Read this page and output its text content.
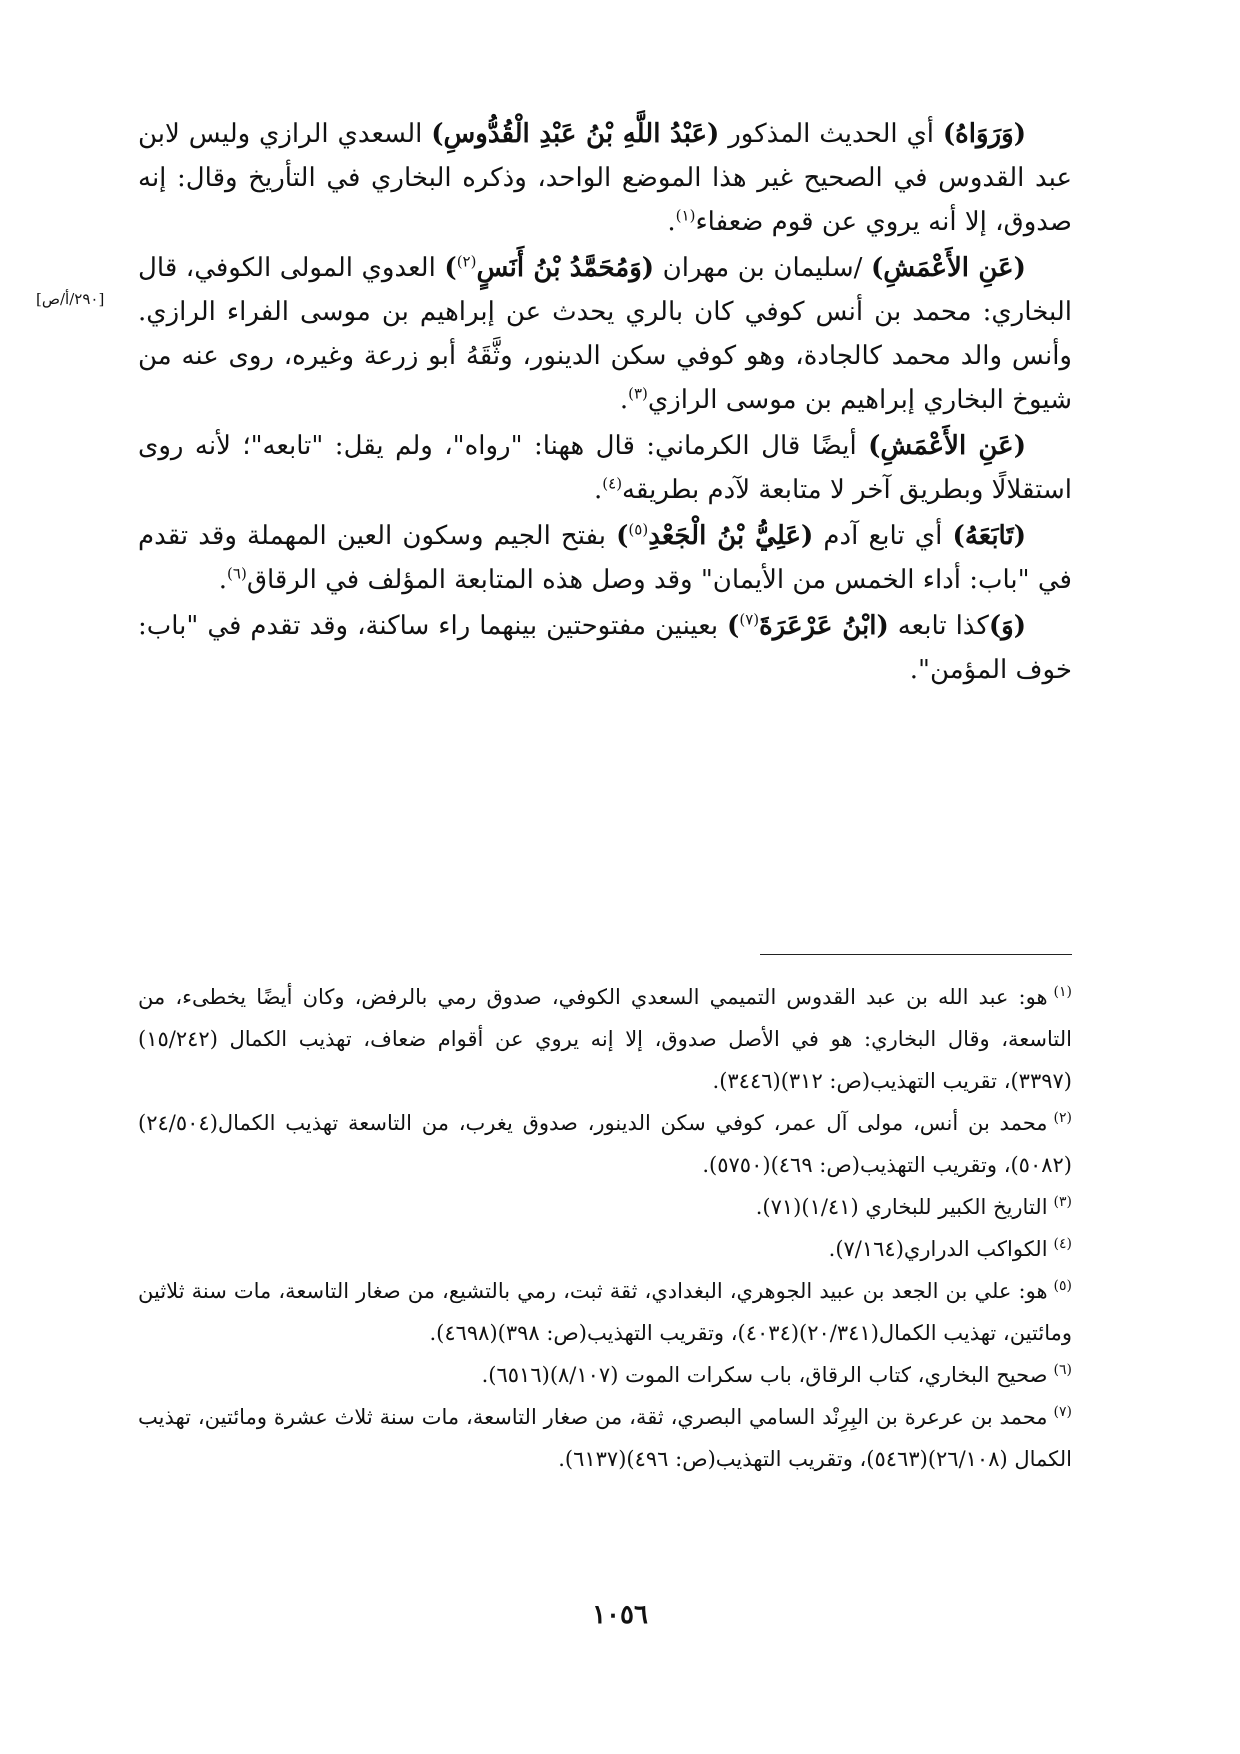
[٢٩٠/أ/ص]

(وَرَوَاهُ) أي الحديث المذكور (عَبْدُ اللَّهِ بْنُ عَبْدِ الْقُدُّوسِ) السعدي الرازي وليس لابن عبد القدوس في الصحيح غير هذا الموضع الواحد، وذكره البخاري في التأريخ وقال: إنه صدوق، إلا أنه يروي عن قوم ضعفاء$^{(١)}$.

(عَنِ الأَعْمَشِ) /سليمان بن مهران (وَمُحَمَّدُ بْنُ أَنَسٍ$^{(٢)}$) العدوي المولى الكوفي، قال البخاري: محمد بن أنس كوفي كان بالري يحدث عن إبراهيم بن موسى الفراء الرازي. وأنس والد محمد كالجادة، وهو كوفي سكن الدينور، وثَّقَهُ أبو زرعة وغيره، روى عنه من شيوخ البخاري إبراهيم بن موسى الرازي$^{(٣)}$.

(عَنِ الأَعْمَشِ) أيضًا قال الكرماني: قال ههنا: "رواه"، ولم يقل: "تابعه"؛ لأنه روى استقلالًا وبطريق آخر لا متابعة لآدم بطريقه$^{(٤)}$.

(تَابَعَهُ) أي تابع آدم (عَلِيُّ بْنُ الْجَعْدِ$^{(٥)}$) بفتح الجيم وسكون العين المهملة وقد تقدم في "باب: أداء الخمس من الأيمان" وقد وصل هذه المتابعة المؤلف في الرقاق$^{(٦)}$.

(وَ)كذا تابعه (ابْنُ عَرْعَرَةَ$^{(٧)}$) بعينين مفتوحتين بينهما راء ساكنة، وقد تقدم في "باب: خوف المؤمن".

$^{(١)}$هو: عبد الله بن عبد القدوس التميمي السعدي الكوفي، صدوق رمي بالرفض، وكان أيضًا يخطىء، من التاسعة، وقال البخاري: هو في الأصل صدوق، إلا إنه يروي عن أقوام ضعاف، تهذيب الكمال (١٥/٢٤٢) (٣٣٩٧)، تقريب التهذيب(ص: ٣١٢)(٣٤٤٦).

$^{(٢)}$محمد بن أنس، مولى آل عمر، كوفي سكن الدينور، صدوق يغرب، من التاسعة تهذيب الكمال(٢٤/٥٠٤)(٥٠٨٢)، وتقريب التهذيب(ص: ٤٦٩)(٥٧٥٠).

$^{(٣)}$التاريخ الكبير للبخاري (١/٤١)(٧١).

$^{(٤)}$الكواكب الدراري(٧/١٦٤).

$^{(٥)}$هو: علي بن الجعد بن عبيد الجوهري، البغدادي، ثقة ثبت، رمي بالتشيع، من صغار التاسعة، مات سنة ثلاثين ومائتين، تهذيب الكمال(٢٠/٣٤١)(٤٠٣٤)، وتقريب التهذيب(ص: ٣٩٨)(٤٦٩٨).

$^{(٦)}$صحيح البخاري، كتاب الرقاق، باب سكرات الموت (٨/١٠٧)(٦٥١٦).

$^{(٧)}$محمد بن عرعرة بن البِرِنْد السامي البصري، ثقة، من صغار التاسعة، مات سنة ثلاث عشرة ومائتين، تهذيب الكمال (٢٦/١٠٨)(٥٤٦٣)، وتقريب التهذيب(ص: ٤٩٦)(٦١٣٧).

١٠٥٦
